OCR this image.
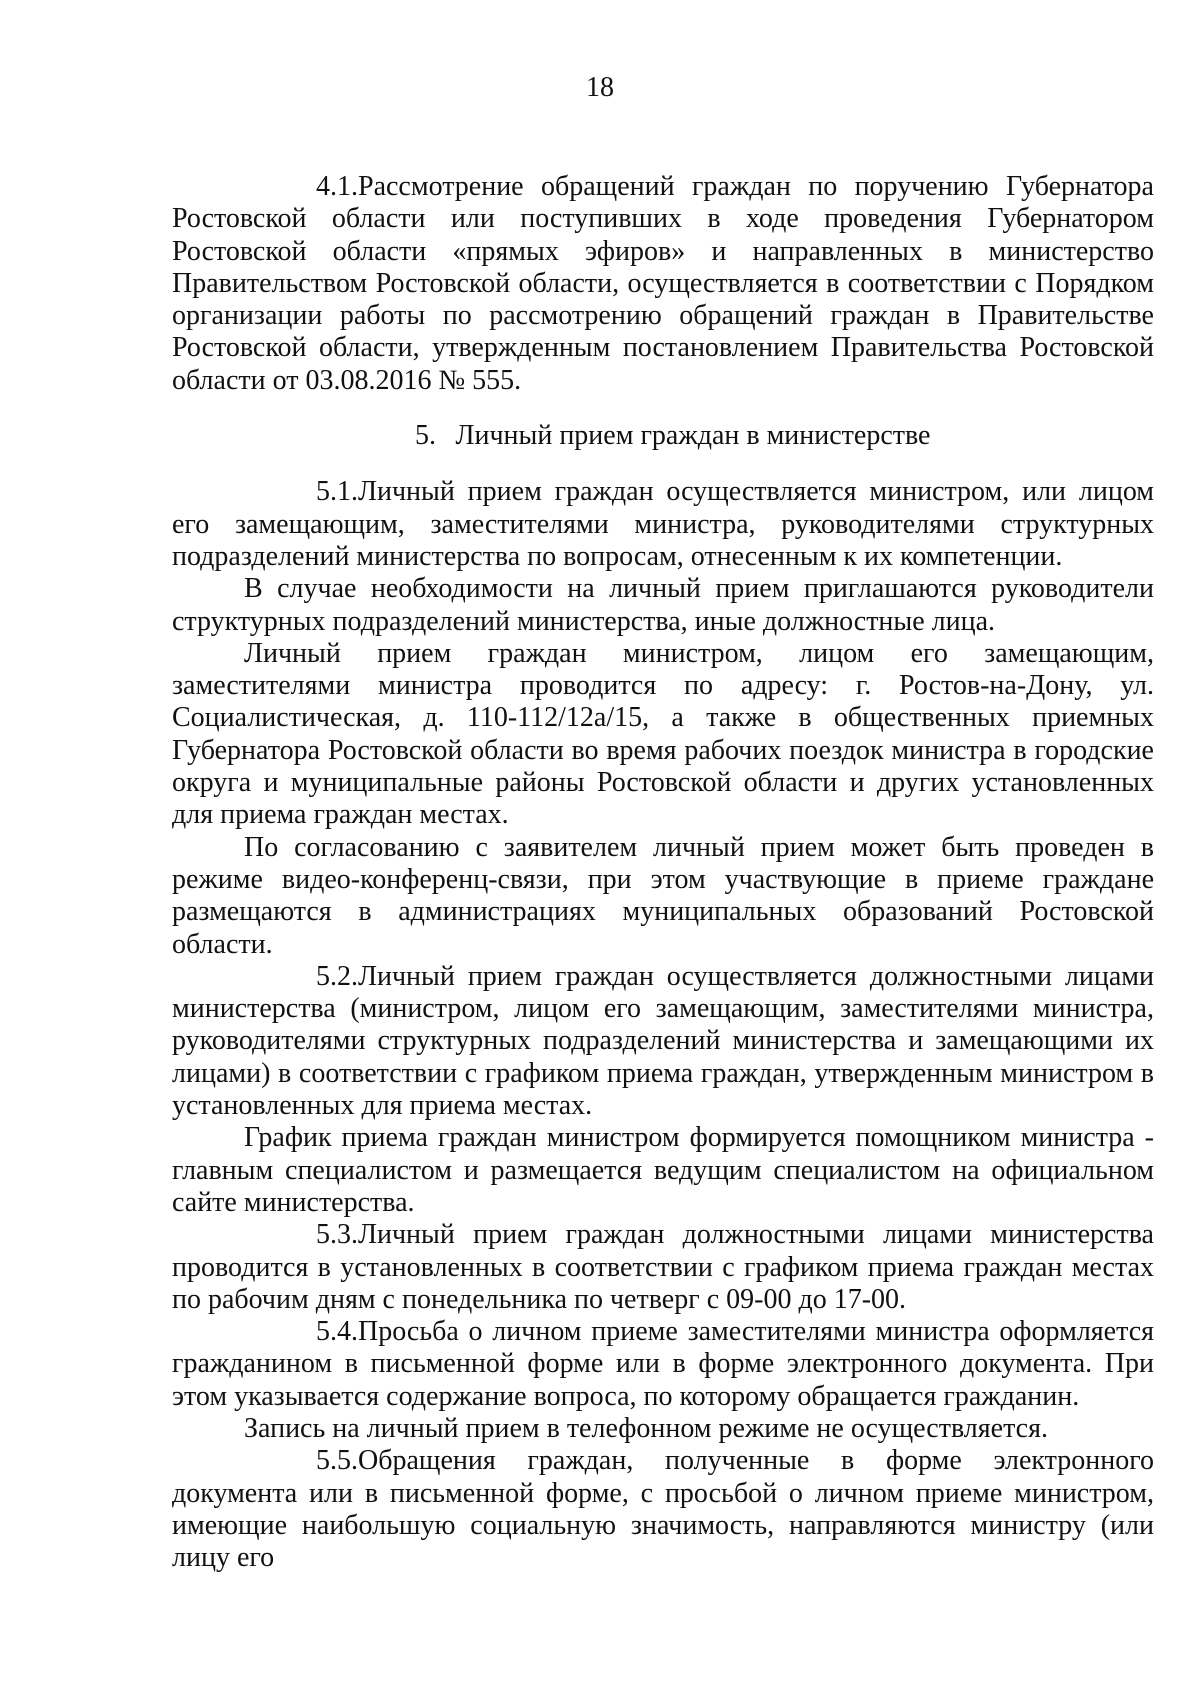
18

4.1.Рассмотрение обращений граждан по поручению Губернатора Ростовской области или поступивших в ходе проведения Губернатором Ростовской области «прямых эфиров» и направленных в министерство Правительством Ростовской области, осуществляется в соответствии с Порядком организации работы по рассмотрению обращений граждан в Правительстве Ростовской области, утвержденным постановлением Правительства Ростовской области от 03.08.2016 № 555.

5. Личный прием граждан в министерстве

5.1.Личный прием граждан осуществляется министром, или лицом его замещающим, заместителями министра, руководителями структурных подразделений министерства по вопросам, отнесенным к их компетенции.

В случае необходимости на личный прием приглашаются руководители структурных подразделений министерства, иные должностные лица.

Личный прием граждан министром, лицом его замещающим, заместителями министра проводится по адресу: г. Ростов-на-Дону, ул. Социалистическая, д. 110-112/12а/15, а также в общественных приемных Губернатора Ростовской области во время рабочих поездок министра в городские округа и муниципальные районы Ростовской области и других установленных для приема граждан местах.

По согласованию с заявителем личный прием может быть проведен в режиме видео-конференц-связи, при этом участвующие в приеме граждане размещаются в администрациях муниципальных образований Ростовской области.

5.2.Личный прием граждан осуществляется должностными лицами министерства (министром, лицом его замещающим, заместителями министра, руководителями структурных подразделений министерства и замещающими их лицами) в соответствии с графиком приема граждан, утвержденным министром в установленных для приема местах.

График приема граждан министром формируется помощником министра - главным специалистом и размещается ведущим специалистом на официальном сайте министерства.

5.3.Личный прием граждан должностными лицами министерства проводится в установленных в соответствии с графиком приема граждан местах по рабочим дням с понедельника по четверг с 09-00 до 17-00.

5.4.Просьба о личном приеме заместителями министра оформляется гражданином в письменной форме или в форме электронного документа. При этом указывается содержание вопроса, по которому обращается гражданин.

Запись на личный прием в телефонном режиме не осуществляется.

5.5.Обращения граждан, полученные в форме электронного документа или в письменной форме, с просьбой о личном приеме министром, имеющие наибольшую социальную значимость, направляются министру (или лицу его
